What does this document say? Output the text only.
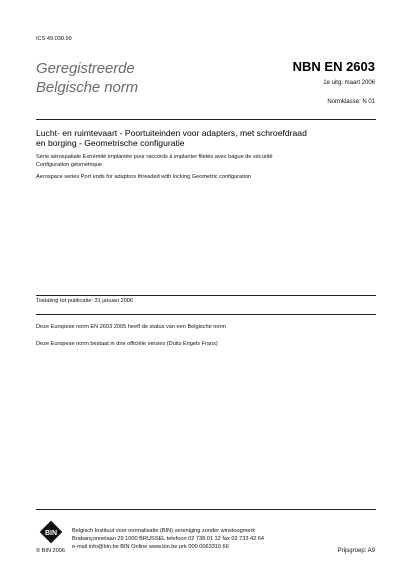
ICS 49.030.99
Geregistreerde
Belgische norm
NBN EN 2603
1e uitg. maart 2006
Normklasse: N 01
Lucht- en ruimtevaart - Poortuiteinden voor adapters, met schroefdraad
en borging - Geometrische configuratie
Série aérospatiale Extrémité implantée pour raccords à implanter filetés avec bague de sécurité
Configuration géométrique
Aerospace series Port ends for adaptors threaded with locking Geometric configuration
Toelating tot publicatie: 31 januari 2006
Deze Europese norm EN 2603 2005 heeft de status van een Belgische norm
Deze Europese norm bestaat in drie officiële versies (Duits Engels Frans)
BIN	Belgisch Instituut voor normalisatie (BIN) vereniging zonder winstoogmerk
Brabançonnelaan 29 1000 BRUSSEL telefoon 02 738 01 12 fax 02 733 42 64
e-mail info@bin.be BIN Online www.bin.be prk 000 0063310 66
© BIN 2006	Prijsgroep: A9
